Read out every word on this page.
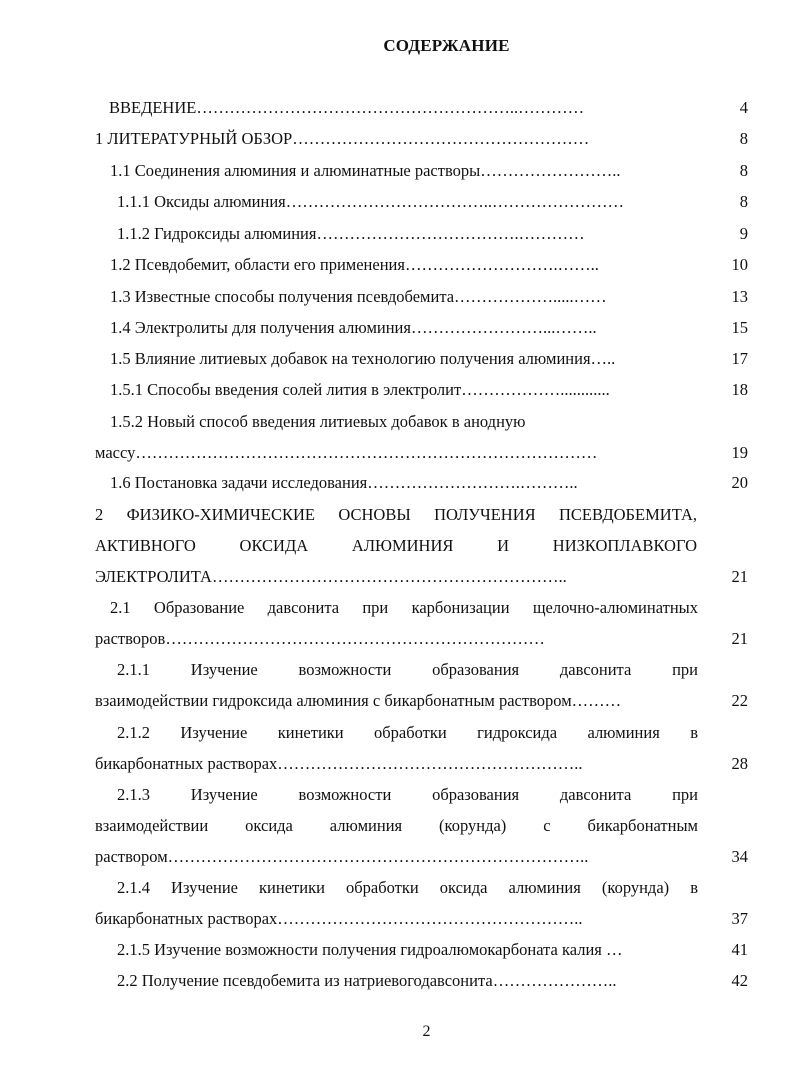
СОДЕРЖАНИЕ
ВВЕДЕНИЕ…………………………………………………..…………	4
1 ЛИТЕРАТУРНЫЙ ОБЗОР………………………………………………	8
1.1 Соединения алюминия и алюминатные растворы……………………..	8
1.1.1 Оксиды алюминия………………………………..……………………	8
1.1.2 Гидроксиды алюминия……………………………….…………	9
1.2 Псевдобемит, области его применения……………………….……..	10
1.3 Известные способы получения псевдобемита……………….....……	13
1.4 Электролиты для получения алюминия……………………...……..	15
1.5 Влияние литиевых добавок на технологию получения алюминия…..	17
1.5.1 Способы введения солей лития в электролит………………............	18
1.5.2 Новый способ введения литиевых добавок в анодную
массу…………………………………………………………………………	19
1.6 Постановка задачи исследования……………………….………..	20
2 ФИЗИКО-ХИМИЧЕСКИЕ ОСНОВЫ ПОЛУЧЕНИЯ ПСЕВДОБЕМИТА,
АКТИВНОГО ОКСИДА АЛЮМИНИЯ И НИЗКОПЛАВКОГО
ЭЛЕКТРОЛИТА………………………………………………………..	21
2.1 Образование давсонита при карбонизации щелочно-алюминатных
растворов……………………………………………………………	21
2.1.1 Изучение возможности образования давсонита при
взаимодействии гидроксида алюминия с бикарбонатным раствором………	22
2.1.2 Изучение кинетики обработки гидроксида алюминия в
бикарбонатных растворах………………………………………………..	28
2.1.3 Изучение возможности образования давсонита при
взаимодействии оксида алюминия (корунда) с бикарбонатным
раствором…………………………………………………………………..	34
2.1.4 Изучение кинетики обработки оксида алюминия (корунда) в
бикарбонатных растворах………………………………………………..	37
2.1.5 Изучение возможности получения гидроалюмокарбоната калия …	41
2.2 Получение псевдобемита из натриевогодавсонита…………………..	42
2
